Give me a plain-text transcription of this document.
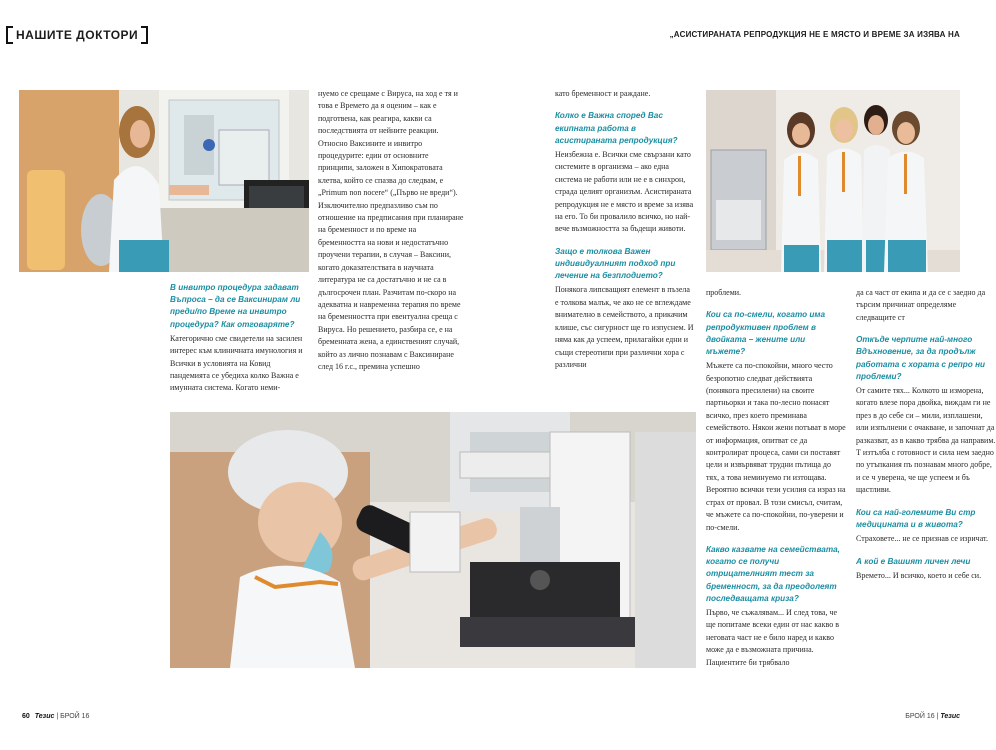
НАШИТЕ ДОКТОРИ	„АСИСТИРАНАТА РЕПРОДУКЦИЯ НЕ Е МЯСТО И ВРЕМЕ ЗА ИЗЯВА НА
В инвитро процедура задават Въпроса – да се Ваксинирам ли преди/по Време на инвитро процедура? Как отговаряте?

Категорично сме свидетели на засилен интерес към клиничната имунология и Всички в условията на Ковид пандемията се убедиха колко Важна е имунната система. Когато неми-

нуемо се срещаме с Вируса, на ход е тя и това е Времето да я оценим – как е подготвена, как реагира, какви са последствията от нейните реакции. Относно Ваксините и инвитро процедурите: един от основните принципи, заложен в Хипократовата клетва, който се спазва до следвам, е „Primum non nocere“ („Първо не вреди“). Изключително предпазливо съм по отношение на предписания при планиране на бременност и по време на бременността на нови и недостатъчно проучени терапии, в случая – Ваксини, когато доказателствата в научната литература не са достатъчно и не са в дългосрочен план. Разчитам по-скоро на адекватна и навременна терапия по време на бременността при евентуална среща с Вируса. Но решението, разбира се, е на бременната жена, а единственият случай, който аз лично познавам с Ваксиниране след 16 г.с., премина успешно

като бременност и раждане.

Колко е Важна според Вас екипната работа в асистираната репродукция?

Неизбежна е. Всички сме свързани като системите в организма – ако една система не работи или не е в синхрон, страда целият организъм. Асистираната репродукция не е място и време за изява на его. То би провалило всичко, но най-вече възможността за бъдещи животи.

Защо е толкова Важен индивидуалният подход при лечение на безплодието?

Понякога липсващият елемент в пъзела е толкова малък, че ако не се вглеждаме внимателно в семейството, а прикачим клише, със сигурност ще го изпуснем. И няма как да успеем, прилагайки едни и същи стереотипи при различни хора с различни

проблеми.

Кои са по-смели, когато има репродуктивен проблем в двойката – жените или мъжете?

Мъжете са по-спокойни, много често безропотно следват действията (понякога пресилени) на своите партньорки и така по-лесно понасят всичко, през което преминава семейството. Някои жени потъват в море от информация, опитват се да контролират процеса, сами си поставят цели и извървяват трудни пътища до тях, а това неминуемо ги изтощава. Вероятно всички тези усилия са израз на страх от провал. В този смисъл, считам, че мъжете са по-спокойни, по-уверени и по-смели.

Какво казвате на семействата, когато се получи отрицателният тест за бременност, за да преодолеят последващата криза?

Първо, че съжалявам... И след това, че ще попитаме всеки един от нас какво в неговата част не е било наред и какво може да е възможната причина. Пациентите би трябвало

да са част от екипа и да се с заедно да търсим причинат определяме следващите ст

Откъде черпите най-много Вдъхновение, за да продълж работата с хората с репро ни проблеми?

От самите тях... Колкото ш изморена, когато влезе пора двойка, виждам ги не през в до себе си – мили, изплашени, или изпълнени с очакване, и започнат да разказват, аз в какво трябва да направим. Т изтълба с готовност и сила нем заедно по утъпкания пъ познавам много добре, и се ч уверена, че ще успеем и бъ щастливи.

Кои са най-големите Ви стр медицината и в живота?

Страховете... не се признав се изричат.

А кой е Вашият личен лечи

Времето... И всичко, което и себе си.

60 Тезис | БРОЙ 16	БРОЙ 16 | Тезис
